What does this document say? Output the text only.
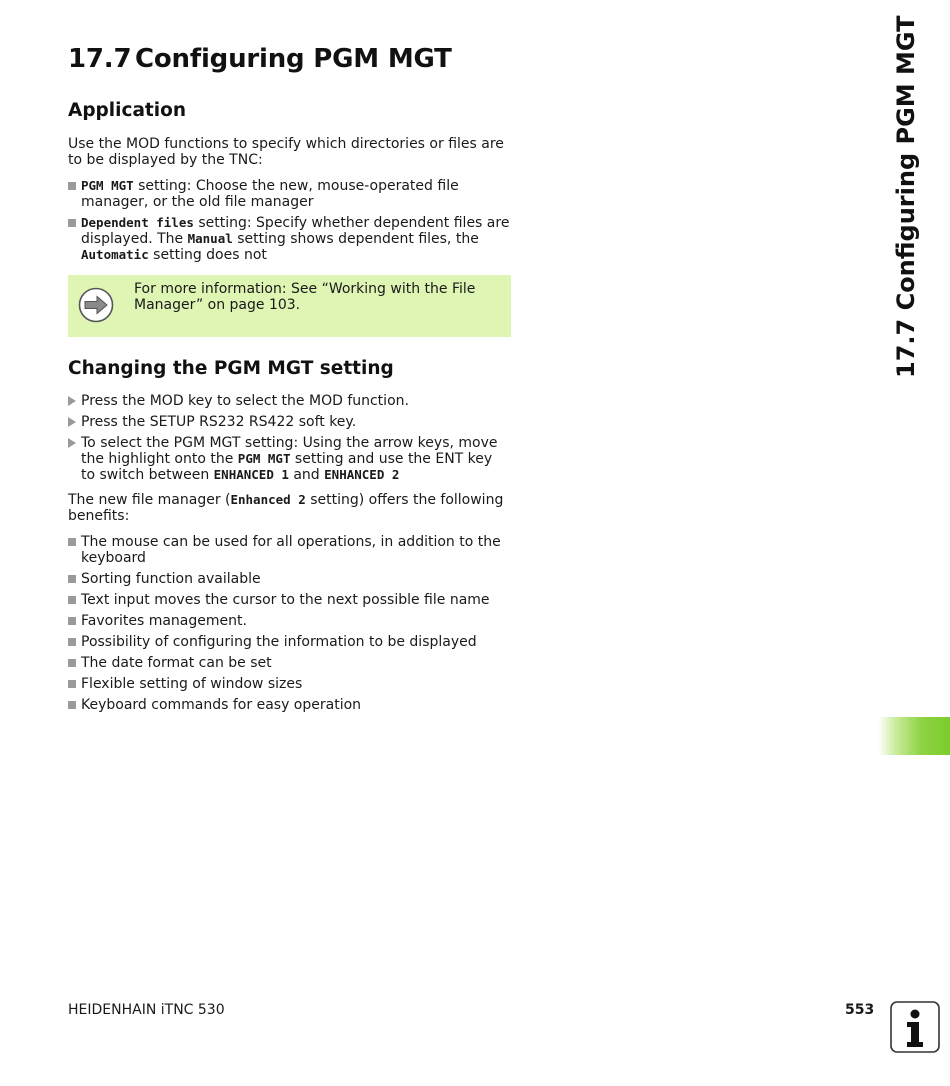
17.7 Configuring PGM MGT	17.7 Configuring PGM MGT
Application

Use the MOD functions to specify which directories or files are to be displayed by the TNC:

PGM MGT setting: Choose the new, mouse-operated file manager, or the old file manager
Dependent files setting: Specify whether dependent files are displayed. The Manual setting shows dependent files, the Automatic setting does not
For more information: See “Working with the File Manager” on page 103.
Changing the PGM MGT setting
Press the MOD key to select the MOD function.
Press the SETUP RS232 RS422 soft key.
To select the PGM MGT setting: Using the arrow keys, move the highlight onto the PGM MGT setting and use the ENT key to switch between ENHANCED 1 and ENHANCED 2

The new file manager (Enhanced 2 setting) offers the following benefits:

The mouse can be used for all operations, in addition to the keyboard
Sorting function available
Text input moves the cursor to the next possible file name
Favorites management.
Possibility of configuring the information to be displayed
The date format can be set
Flexible setting of window sizes
Keyboard commands for easy operation
HEIDENHAIN iTNC 530	553
